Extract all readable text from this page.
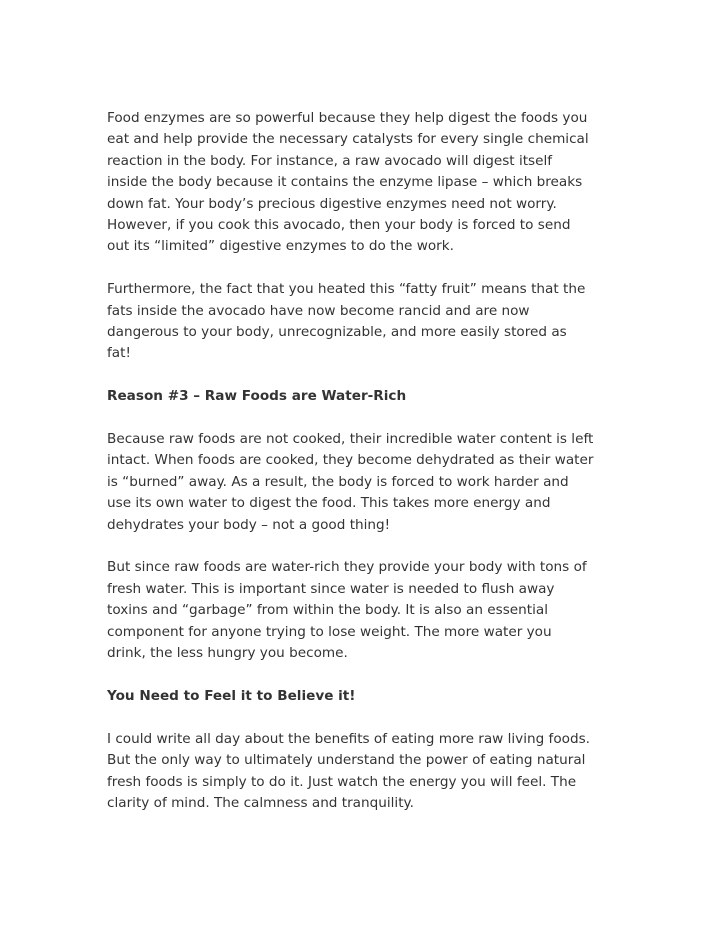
Food enzymes are so powerful because they help digest the foods you
eat and help provide the necessary catalysts for every single chemical
reaction in the body. For instance, a raw avocado will digest itself
inside the body because it contains the enzyme lipase – which breaks
down fat. Your body’s precious digestive enzymes need not worry.
However, if you cook this avocado, then your body is forced to send
out its “limited” digestive enzymes to do the work.

Furthermore, the fact that you heated this “fatty fruit” means that the
fats inside the avocado have now become rancid and are now
dangerous to your body, unrecognizable, and more easily stored as
fat!

Reason #3 – Raw Foods are Water-Rich

Because raw foods are not cooked, their incredible water content is left
intact. When foods are cooked, they become dehydrated as their water
is “burned” away. As a result, the body is forced to work harder and
use its own water to digest the food. This takes more energy and
dehydrates your body – not a good thing!

But since raw foods are water-rich they provide your body with tons of
fresh water. This is important since water is needed to flush away
toxins and “garbage” from within the body. It is also an essential
component for anyone trying to lose weight. The more water you
drink, the less hungry you become.

You Need to Feel it to Believe it!

I could write all day about the benefits of eating more raw living foods.
But the only way to ultimately understand the power of eating natural
fresh foods is simply to do it. Just watch the energy you will feel. The
clarity of mind. The calmness and tranquility.
